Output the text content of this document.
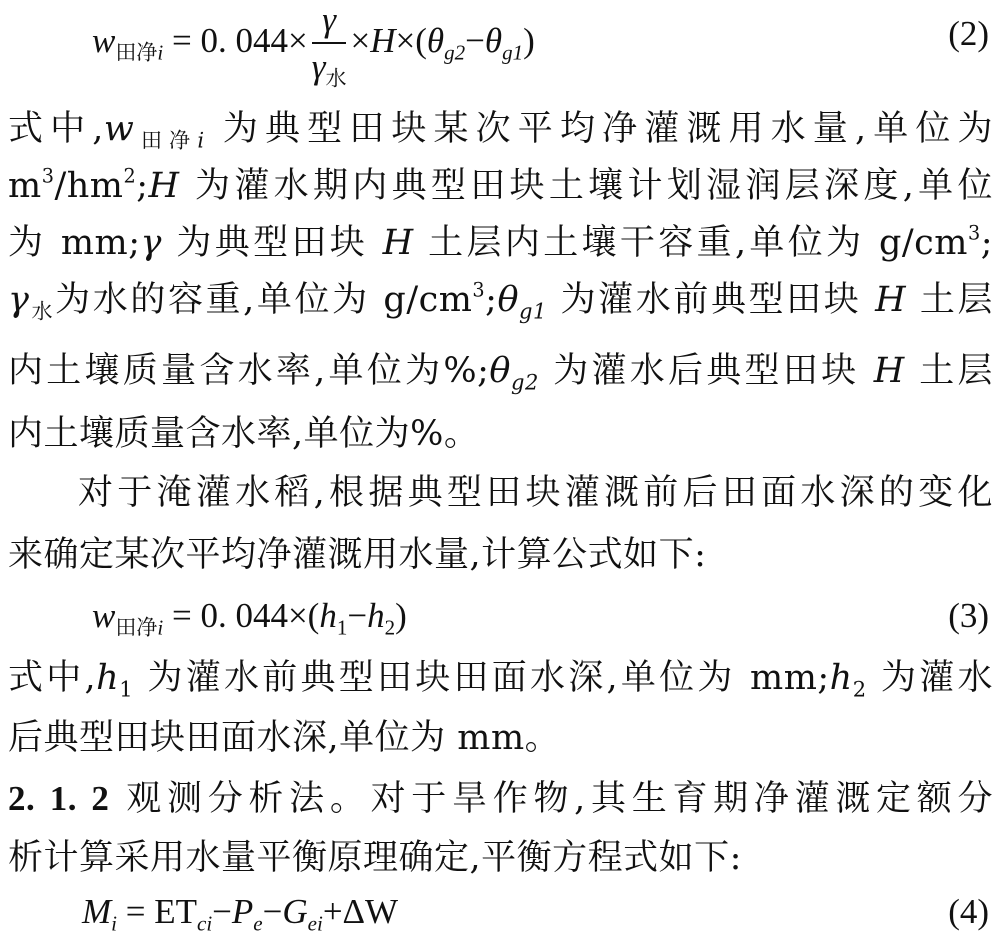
$w_{田净i} = 0$. $044\times \frac{\gamma}{\gamma_水} \times H\times(\theta_{g2}-\theta_{g1})$	(2)
式中$,w_{田净i}$ 为典型田块某次平均净灌溉用水量,单位为
$m^3/hm^2;H$ 为灌水期内典型田块土壤计划湿润层深度,单位
为 mm;γ 为典型田块 H 土层内土壤干容重,单位为 $g/cm^3$;
$\gamma_水$为水的容重,单位为 $g/cm^3;\theta_{g1}$ 为灌水前典型田块 H 土层
内土壤质量含水率,单位为$\%;\theta_{g2}$ 为灌水后典型田块 H 土层
内土壤质量含水率,单位为%。
对于淹灌水稻,根据典型田块灌溉前后田面水深的变化
来确定某次平均净灌溉用水量,计算公式如下:
$w_{田净i} = 0$. $044\times(h_1-h_2)$	(3)
式中$,h_1$ 为灌水前典型田块田面水深,单位为 $mm;h_2$ 为灌水
后典型田块田面水深,单位为 mm。
2. 1. 2 观测分析法。对于旱作物,其生育期净灌溉定额分
析计算采用水量平衡原理确定,平衡方程式如下:
$M_i = ET_{ci}-P_e-G_{ei}+\Delta W$	(4)
